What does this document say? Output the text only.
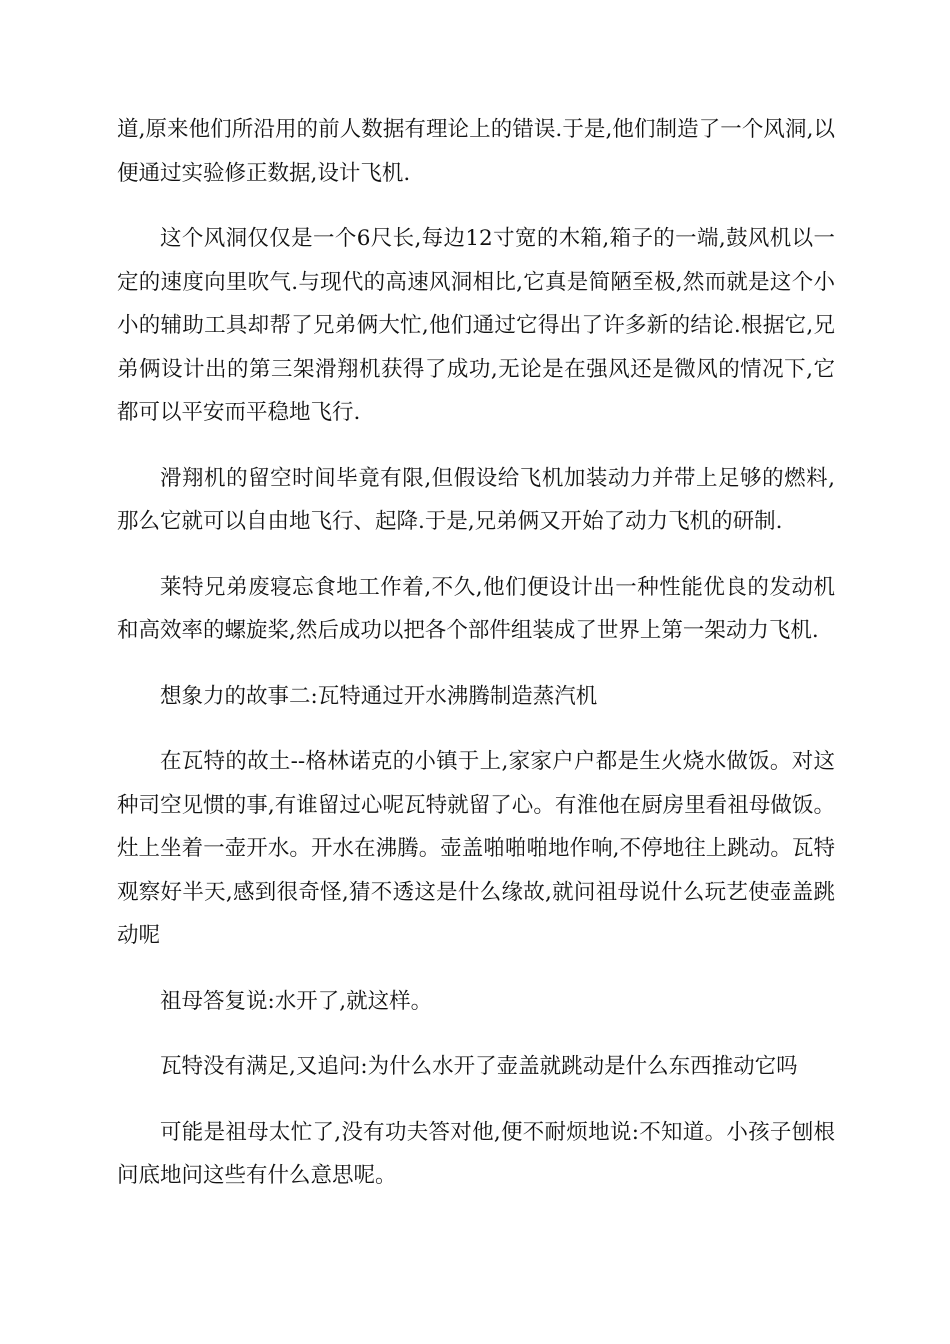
道,原来他们所沿用的前人数据有理论上的错误.于是,他们制造了一个风洞,以便通过实验修正数据,设计飞机.

这个风洞仅仅是一个6尺长,每边12寸宽的木箱,箱子的一端,鼓风机以一定的速度向里吹气.与现代的高速风洞相比,它真是简陋至极,然而就是这个小小的辅助工具却帮了兄弟俩大忙,他们通过它得出了许多新的结论.根据它,兄弟俩设计出的第三架滑翔机获得了成功,无论是在强风还是微风的情况下,它都可以平安而平稳地飞行.

滑翔机的留空时间毕竟有限,但假设给飞机加装动力并带上足够的燃料,那么它就可以自由地飞行、起降.于是,兄弟俩又开始了动力飞机的研制.

莱特兄弟废寝忘食地工作着,不久,他们便设计出一种性能优良的发动机和高效率的螺旋桨,然后成功以把各个部件组装成了世界上第一架动力飞机.

想象力的故事二:瓦特通过开水沸腾制造蒸汽机

在瓦特的故土--格林诺克的小镇于上,家家户户都是生火烧水做饭。对这种司空见惯的事,有谁留过心呢瓦特就留了心。有淮他在厨房里看祖母做饭。灶上坐着一壶开水。开水在沸腾。壶盖啪啪啪地作响,不停地往上跳动。瓦特观察好半天,感到很奇怪,猜不透这是什么缘故,就问祖母说什么玩艺使壶盖跳动呢

祖母答复说:水开了,就这样。

瓦特没有满足,又追问:为什么水开了壶盖就跳动是什么东西推动它吗

可能是祖母太忙了,没有功夫答对他,便不耐烦地说:不知道。小孩子刨根问底地问这些有什么意思呢。
